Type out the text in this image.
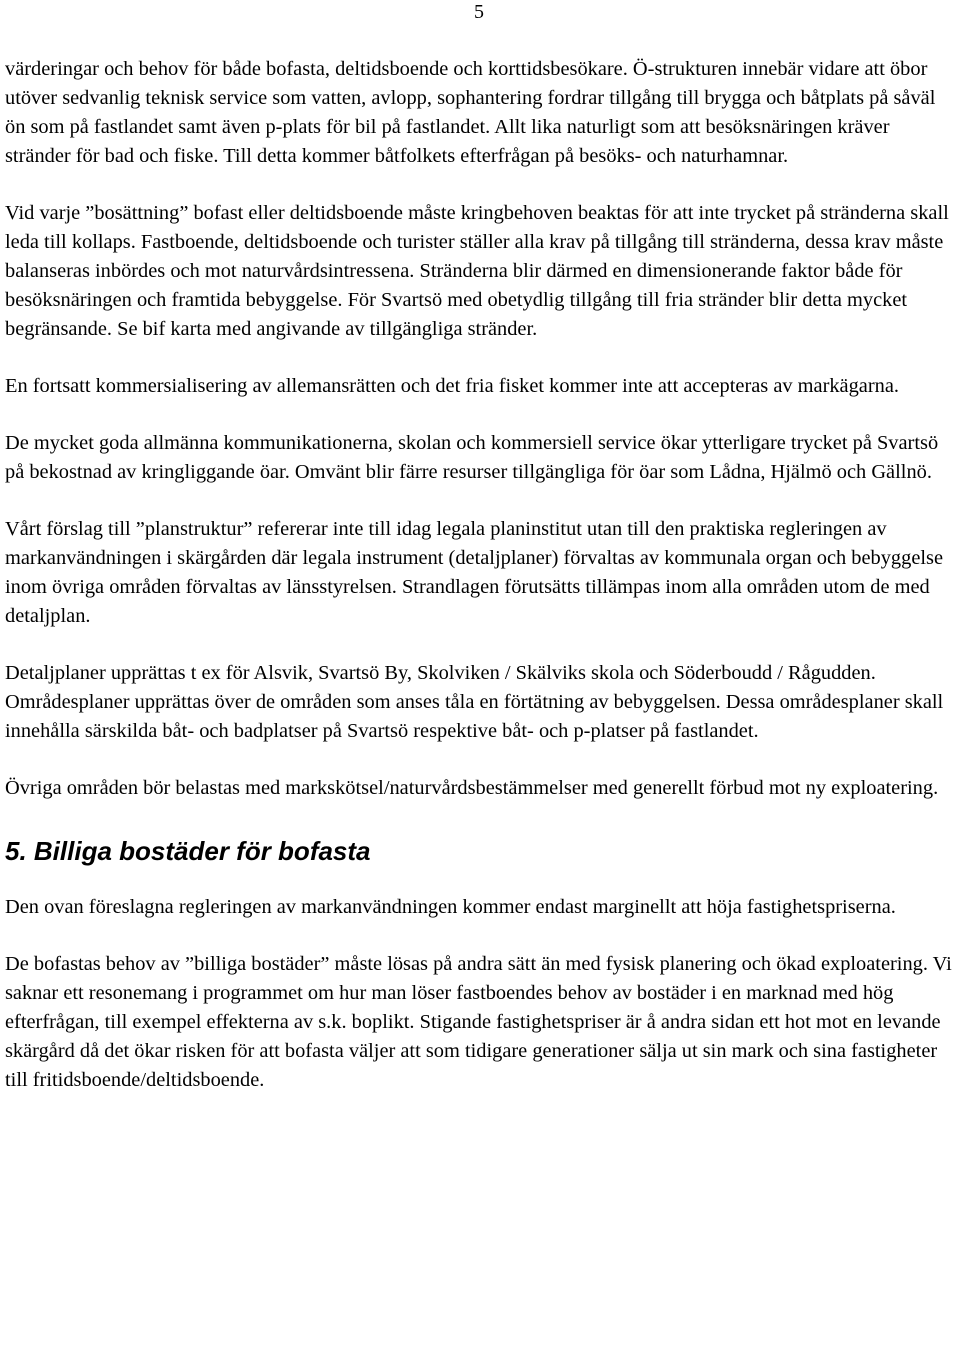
5

värderingar och behov för både bofasta, deltidsboende och korttidsbesökare. Ö-strukturen innebär vidare att öbor utöver sedvanlig teknisk service som vatten, avlopp, sophantering fordrar tillgång till brygga och båtplats på såväl ön som på fastlandet samt även p-plats för bil på fastlandet. Allt lika naturligt som att besöksnäringen kräver stränder för bad och fiske. Till detta kommer båtfolkets efterfrågan på besöks- och naturhamnar.

Vid varje ”bosättning” bofast eller deltidsboende måste kringbehoven beaktas för att inte trycket på stränderna skall leda till kollaps. Fastboende, deltidsboende och turister ställer alla krav på tillgång till stränderna, dessa krav måste balanseras inbördes och mot naturvårdsintressena. Stränderna blir därmed en dimensionerande faktor både för besöksnäringen och framtida bebyggelse. För Svartsö med obetydlig tillgång till fria stränder blir detta mycket begränsande. Se bif karta med angivande av tillgängliga stränder.

En fortsatt kommersialisering av allemansrätten och det fria fisket kommer inte att accepteras av markägarna.

De mycket goda allmänna kommunikationerna, skolan och kommersiell service ökar ytterligare trycket på Svartsö på bekostnad av kringliggande öar. Omvänt blir färre resurser tillgängliga för öar som Lådna, Hjälmö och Gällnö.

Vårt förslag till ”planstruktur” refererar inte till idag legala planinstitut utan till den praktiska regleringen av markanvändningen i skärgården där legala instrument (detaljplaner) förvaltas av kommunala organ och bebyggelse inom övriga områden förvaltas av länsstyrelsen. Strandlagen förutsätts tillämpas inom alla områden utom de med detaljplan.

Detaljplaner upprättas t ex för Alsvik, Svartsö By, Skolviken / Skälviks skola och Söderboudd / Rågudden. Områdesplaner upprättas över de områden som anses tåla en förtätning av bebyggelsen. Dessa områdesplaner skall innehålla särskilda båt- och badplatser på Svartsö respektive båt- och p-platser på fastlandet.

Övriga områden bör belastas med markskötsel/naturvårdsbestämmelser med generellt förbud mot ny exploatering.

5. Billiga bostäder för bofasta

Den ovan föreslagna regleringen av markanvändningen kommer endast marginellt att höja fastighetspriserna.

De bofastas behov av ”billiga bostäder” måste lösas på andra sätt än med fysisk planering och ökad exploatering. Vi saknar ett resonemang i programmet om hur man löser fastboendes behov av bostäder i en marknad med hög efterfrågan, till exempel effekterna av s.k. boplikt. Stigande fastighetspriser är å andra sidan ett hot mot en levande skärgård då det ökar risken för att bofasta väljer att som tidigare generationer sälja ut sin mark och sina fastigheter till fritidsboende/deltidsboende.
